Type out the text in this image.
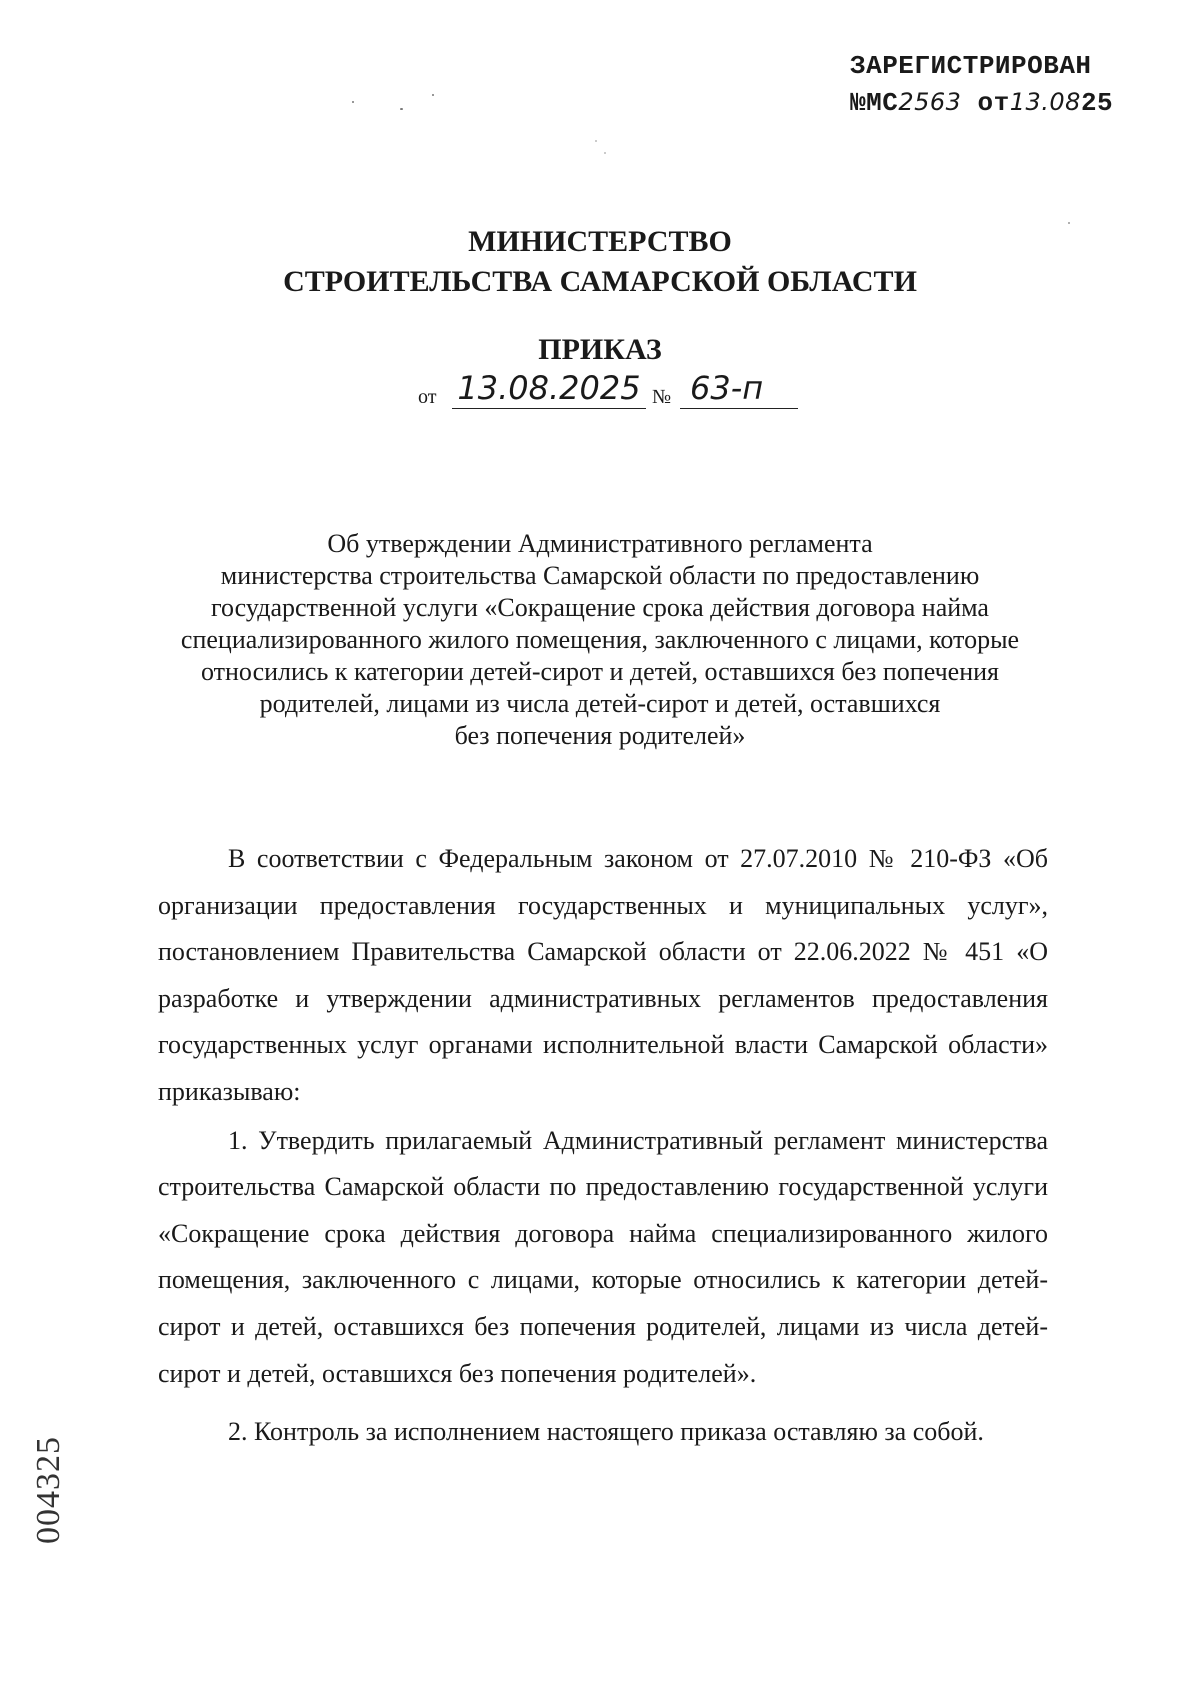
ЗАРЕГИСТРИРОВАН
№МС2563 от13.0825
МИНИСТЕРСТВО
СТРОИТЕЛЬСТВА САМАРСКОЙ ОБЛАСТИ
ПРИКАЗ
от 13.08.2025 № 63-п
Об утверждении Административного регламента
министерства строительства Самарской области по предоставлению
государственной услуги «Сокращение срока действия договора найма
специализированного жилого помещения, заключенного с лицами, которые
относились к категории детей-сирот и детей, оставшихся без попечения
родителей, лицами из числа детей-сирот и детей, оставшихся
без попечения родителей»

В соответствии с Федеральным законом от 27.07.2010 № 210-ФЗ «Об организации предоставления государственных и муниципальных услуг», постановлением Правительства Самарской области от 22.06.2022 № 451 «О разработке и утверждении административных регламентов предоставления государственных услуг органами исполнительной власти Самарской области» приказываю:

1. Утвердить прилагаемый Административный регламент министерства строительства Самарской области по предоставлению государственной услуги «Сокращение срока действия договора найма специализированного жилого помещения, заключенного с лицами, которые относились к категории детей-сирот и детей, оставшихся без попечения родителей, лицами из числа детей-сирот и детей, оставшихся без попечения родителей».

2. Контроль за исполнением настоящего приказа оставляю за собой.

004325
